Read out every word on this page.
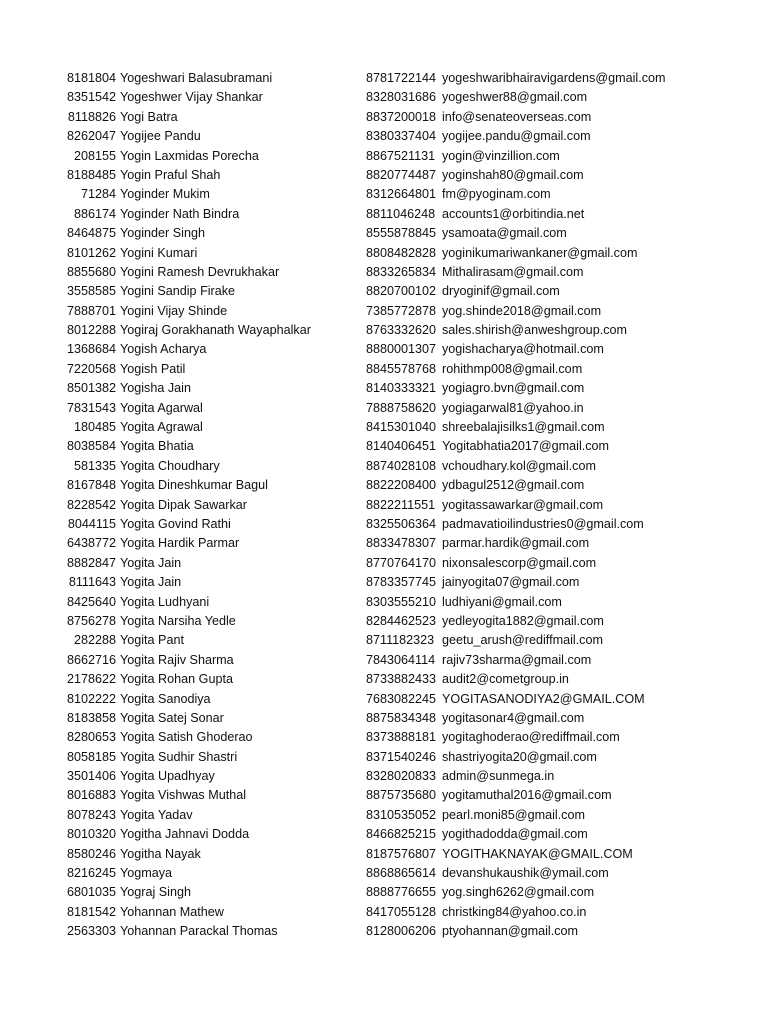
8181804 Yogeshwari Balasubramani	8781722144 yogeshwaribhairavigardens@gmail.com
8351542 Yogeshwer Vijay Shankar	8328031686 yogeshwer88@gmail.com
8118826 Yogi Batra	8837200018 info@senateoverseas.com
8262047 Yogijee Pandu	8380337404 yogijee.pandu@gmail.com
208155 Yogin Laxmidas Porecha	8867521131 yogin@vinzillion.com
8188485 Yogin Praful Shah	8820774487 yoginshah80@gmail.com
71284 Yoginder Mukim	8312664801 fm@pyoginam.com
886174 Yoginder Nath Bindra	8811046248 accounts1@orbitindia.net
8464875 Yoginder Singh	8555878845 ysamoata@gmail.com
8101262 Yogini Kumari	8808482828 yoginikumariwankaner@gmail.com
8855680 Yogini Ramesh Devrukhakar	8833265834 Mithalirasam@gmail.com
3558585 Yogini Sandip Firake	8820700102 dryoginif@gmail.com
7888701 Yogini Vijay Shinde	7385772878 yog.shinde2018@gmail.com
8012288 Yogiraj Gorakhanath Wayaphalkar	8763332620 sales.shirish@anweshgroup.com
1368684 Yogish Acharya	8880001307 yogishacharya@hotmail.com
7220568 Yogish Patil	8845578768 rohithmp008@gmail.com
8501382 Yogisha Jain	8140333321 yogiagro.bvn@gmail.com
7831543 Yogita Agarwal	7888758620 yogiagarwal81@yahoo.in
180485 Yogita Agrawal	8415301040 shreebalajisilks1@gmail.com
8038584 Yogita Bhatia	8140406451 Yogitabhatia2017@gmail.com
581335 Yogita Choudhary	8874028108 vchoudhary.kol@gmail.com
8167848 Yogita Dineshkumar Bagul	8822208400 ydbagul2512@gmail.com
8228542 Yogita Dipak Sawarkar	8822211551 yogitassawarkar@gmail.com
8044115 Yogita Govind Rathi	8325506364 padmavatioilindustries0@gmail.com
6438772 Yogita Hardik Parmar	8833478307 parmar.hardik@gmail.com
8882847 Yogita Jain	8770764170 nixonsalescorp@gmail.com
8111643 Yogita Jain	8783357745 jainyogita07@gmail.com
8425640 Yogita Ludhyani	8303555210 ludhiyani@gmail.com
8756278 Yogita Narsiha Yedle	8284462523 yedleyogita1882@gmail.com
282288 Yogita Pant	8711182323 geetu_arush@rediffmail.com
8662716 Yogita Rajiv Sharma	7843064114 rajiv73sharma@gmail.com
2178622 Yogita Rohan Gupta	8733882433 audit2@cometgroup.in
8102222 Yogita Sanodiya	7683082245 YOGITASANODIYA2@GMAIL.COM
8183858 Yogita Satej Sonar	8875834348 yogitasonar4@gmail.com
8280653 Yogita Satish Ghoderao	8373888181 yogitaghoderao@rediffmail.com
8058185 Yogita Sudhir Shastri	8371540246 shastriyogita20@gmail.com
3501406 Yogita Upadhyay	8328020833 admin@sunmega.in
8016883 Yogita Vishwas Muthal	8875735680 yogitamuthal2016@gmail.com
8078243 Yogita Yadav	8310535052 pearl.moni85@gmail.com
8010320 Yogitha Jahnavi Dodda	8466825215 yogithadodda@gmail.com
8580246 Yogitha Nayak	8187576807 YOGITHAKNAYAK@GMAIL.COM
8216245 Yogmaya	8868865614 devanshukaushik@ymail.com
6801035 Yograj Singh	8888776655 yog.singh6262@gmail.com
8181542 Yohannan Mathew	8417055128 christking84@yahoo.co.in
2563303 Yohannan Parackal Thomas	8128006206 ptyohannan@gmail.com
